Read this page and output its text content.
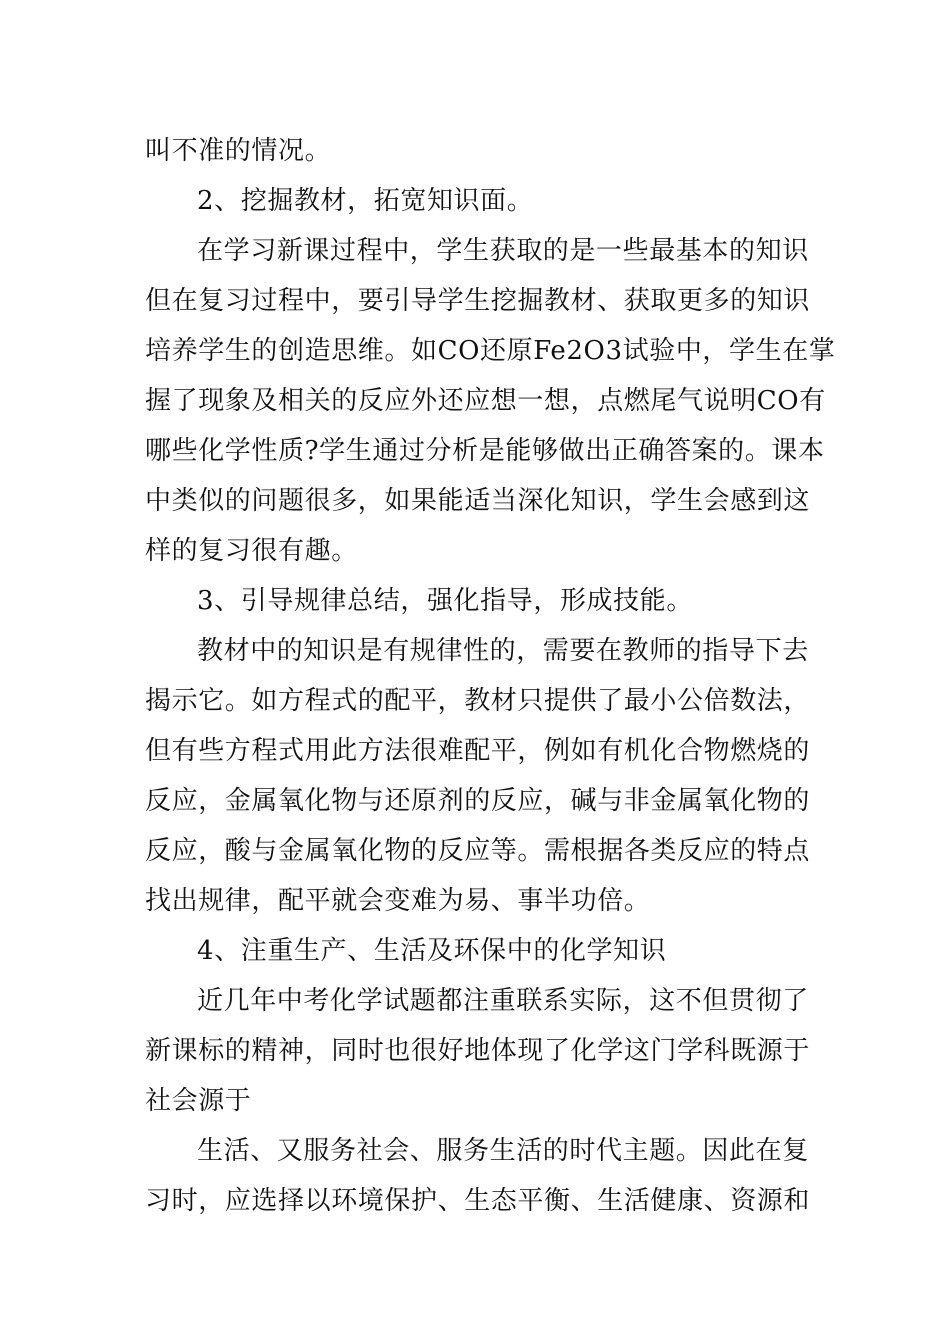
叫不准的情况。
2、挖掘教材，拓宽知识面。
在学习新课过程中，学生获取的是一些最基本的知识
但在复习过程中，要引导学生挖掘教材、获取更多的知识
培养学生的创造思维。如CO还原Fe2O3试验中，学生在掌
握了现象及相关的反应外还应想一想，点燃尾气说明CO有
哪些化学性质?学生通过分析是能够做出正确答案的。课本
中类似的问题很多，如果能适当深化知识，学生会感到这
样的复习很有趣。
3、引导规律总结，强化指导，形成技能。
教材中的知识是有规律性的，需要在教师的指导下去
揭示它。如方程式的配平，教材只提供了最小公倍数法，
但有些方程式用此方法很难配平，例如有机化合物燃烧的
反应，金属氧化物与还原剂的反应，碱与非金属氧化物的
反应，酸与金属氧化物的反应等。需根据各类反应的特点
找出规律，配平就会变难为易、事半功倍。
4、注重生产、生活及环保中的化学知识
近几年中考化学试题都注重联系实际，这不但贯彻了
新课标的精神，同时也很好地体现了化学这门学科既源于
社会源于
生活、又服务社会、服务生活的时代主题。因此在复
习时，应选择以环境保护、生态平衡、生活健康、资源和
